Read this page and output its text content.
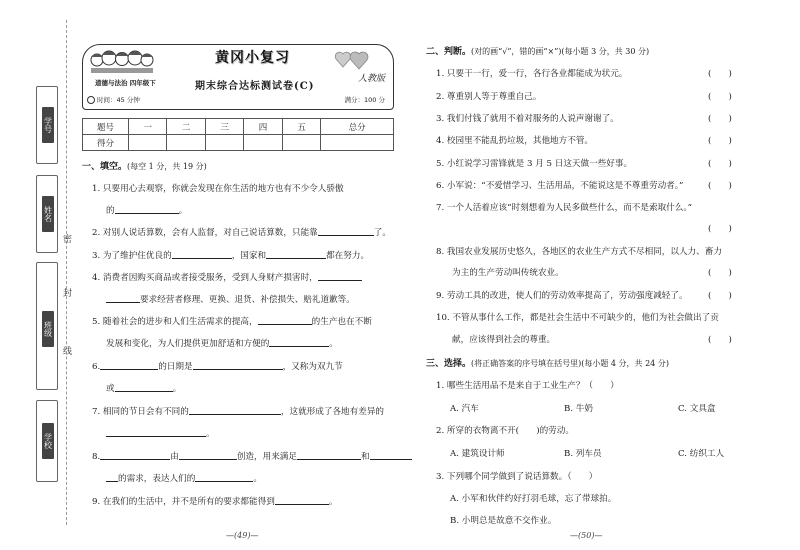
学号
姓名
班级
学校
密
封
线
黄冈小复习
道德与法治 四年级下	期末综合达标测试卷(C)
人教版
时间：45 分钟	满分：100 分
题号	一	二	三	四	五	总分
得分						
一、填空。(每空 1 分，共 19 分)
1. 只要用心去观察，你就会发现在你生活的地方也有不少令人骄傲
的	。
2. 对别人说话算数，会有人监督，对自己说话算数，只能靠	了。
3. 为了维护住优良的	，国家和	都在努力。
4. 消费者因购买商品或者接受服务，受到人身财产损害时，
要求经营者修理、更换、退货、补偿损失、赔礼道歉等。
5. 随着社会的进步和人们生活需求的提高，	的生产也在不断
发展和变化，为人们提供更加舒适和方便的	。
6.	的日期是	，又称为双九节
或	。
7. 相同的节日会有不同的	，这就形成了各地有差异的
。
8.	由	创造，用来满足	和
的需求，表达人们的	。
9. 在我们的生活中，并不是所有的要求都能得到	。
—(49)—
二、判断。(对的画“√”，错的画“×”)(每小题 3 分，共 30 分)
1. 只要干一行，爱一行，各行各业都能成为状元。	(　　)
2. 尊重别人等于尊重自己。	(　　)
3. 我们付钱了就用不着对服务的人说声谢谢了。	(　　)
4. 校园里不能乱扔垃圾，其他地方不管。	(　　)
5. 小红说学习雷锋就是 3 月 5 日这天做一些好事。	(　　)
6. 小军说：“不爱惜学习、生活用品，不能说这是不尊重劳动者。”	(　　)
7. 一个人活着应该“时刻想着为人民多做些什么，而不是索取什么。”
(　　)
8. 我国农业发展历史悠久，各地区的农业生产方式不尽相同，以人力、畜力
为主的生产劳动叫传统农业。	(　　)
9. 劳动工具的改进，使人们的劳动效率提高了，劳动强度减轻了。 (　　)
10. 不管从事什么工作，都是社会生活中不可缺少的，他们为社会做出了贡
献，应该得到社会的尊重。	(　　)
三、选择。(将正确答案的序号填在括号里)(每小题 4 分，共 24 分)
1. 哪些生活用品不是来自于工业生产？（　　）
A. 汽车	B. 牛奶	C. 文具盒
2. 所穿的衣物离不开(　　)的劳动。
A. 建筑设计师	B. 列车员	C. 纺织工人
3. 下列哪个同学做到了说话算数。（　　）
A. 小军和伙伴约好打羽毛球，忘了带球拍。
B. 小明总是故意不交作业。
—(50)—
